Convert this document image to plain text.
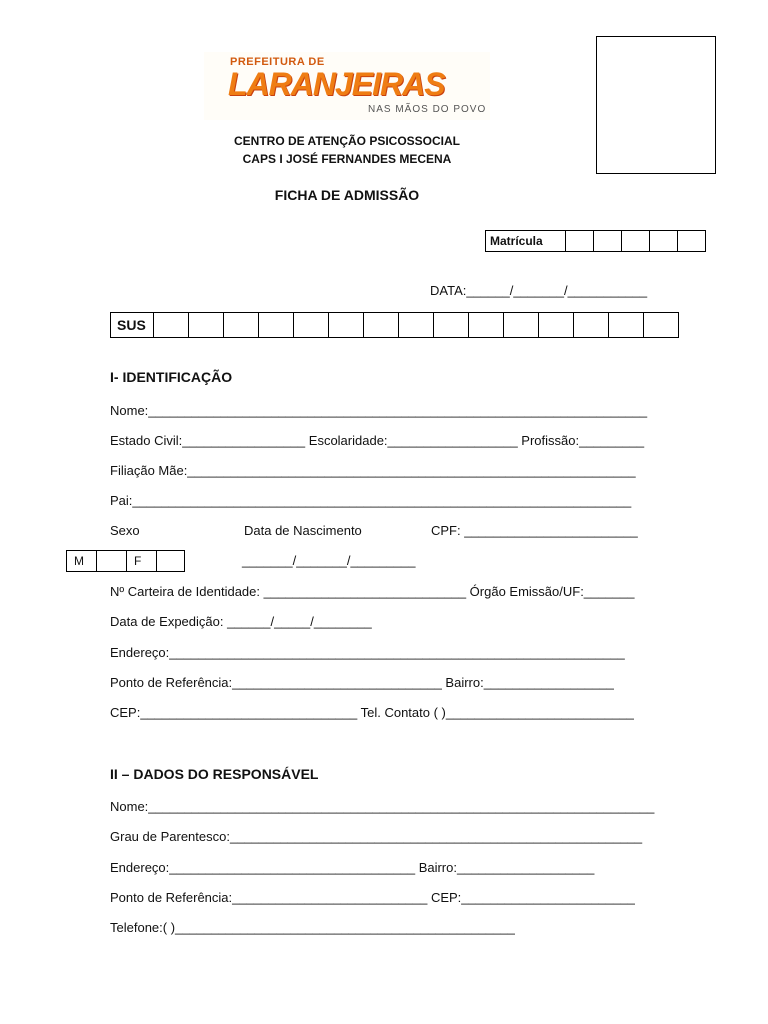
PREFEITURA DE
LARANJEIRAS
NAS MÃOS DO POVO
CENTRO DE ATENÇÃO PSICOSSOCIAL
CAPS I JOSÉ FERNANDES MECENA
FICHA DE ADMISSÃO
Matrícula
DATA:______/_______/___________
SUS
I- IDENTIFICAÇÃO
Nome:_____________________________________________________________________
Estado Civil:_________________ Escolaridade:__________________ Profissão:_________
Filiação Mãe:______________________________________________________________
Pai:_____________________________________________________________________
Sexo	Data de Nascimento	CPF: ________________________
M	F	_______/_______/_________
Nº Carteira de Identidade: ____________________________ Órgão Emissão/UF:_______
Data de Expedição: ______/_____/________
Endereço:_______________________________________________________________
Ponto de Referência:_____________________________ Bairro:__________________
CEP:______________________________ Tel. Contato ( )__________________________
II – DADOS DO RESPONSÁVEL
Nome:______________________________________________________________________
Grau de Parentesco:_________________________________________________________
Endereço:__________________________________ Bairro:___________________
Ponto de Referência:___________________________ CEP:________________________
Telefone:( )_______________________________________________
